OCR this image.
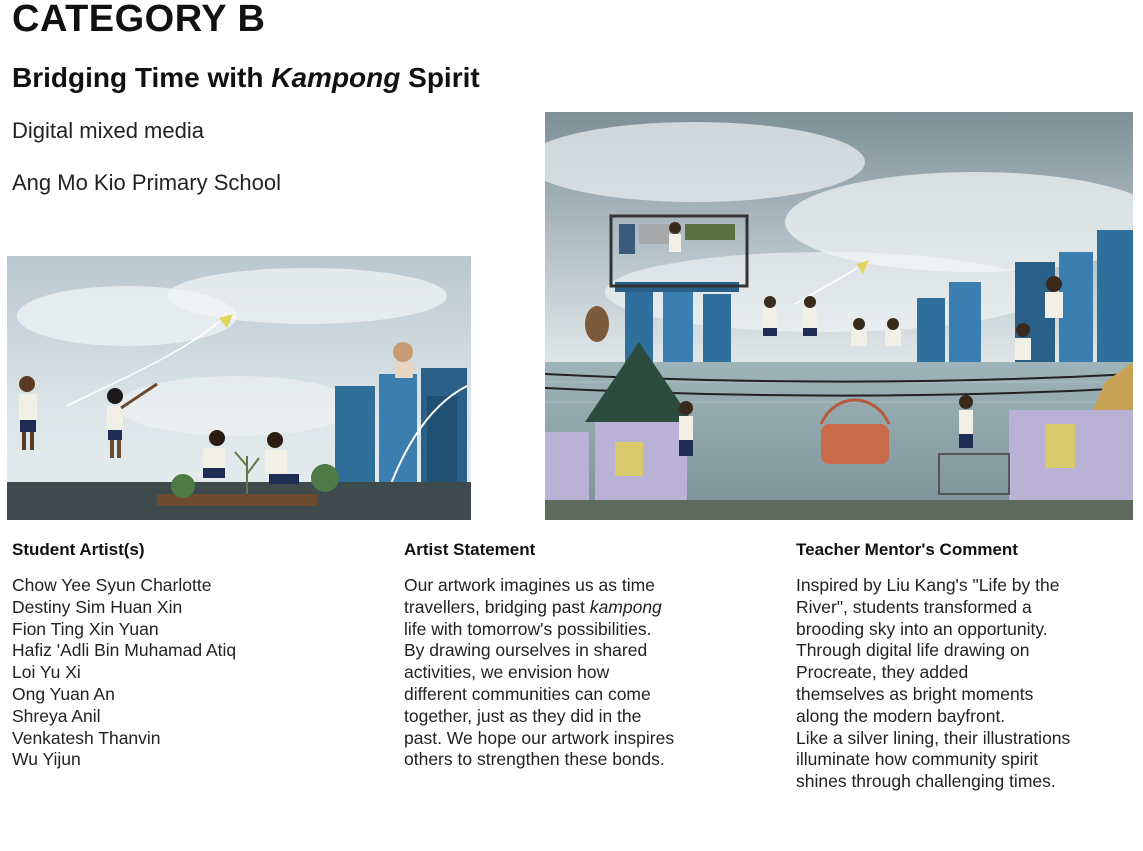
CATEGORY B
Bridging Time with Kampong Spirit
Digital mixed media
Ang Mo Kio Primary School
Student Artist(s)
Chow Yee Syun Charlotte
Destiny Sim Huan Xin
Fion Ting Xin Yuan
Hafiz 'Adli Bin Muhamad Atiq
Loi Yu Xi
Ong Yuan An
Shreya Anil
Venkatesh Thanvin
Wu Yijun
Artist Statement
Our artwork imagines us as time
travellers, bridging past kampong
life with tomorrow's possibilities.
By drawing ourselves in shared
activities, we envision how
different communities can come
together, just as they did in the
past. We hope our artwork inspires
others to strengthen these bonds.
Teacher Mentor's Comment
Inspired by Liu Kang's "Life by the
River", students transformed a
brooding sky into an opportunity.
Through digital life drawing on
Procreate, they added
themselves as bright moments
along the modern bayfront.
Like a silver lining, their illustrations
illuminate how community spirit
shines through challenging times.
